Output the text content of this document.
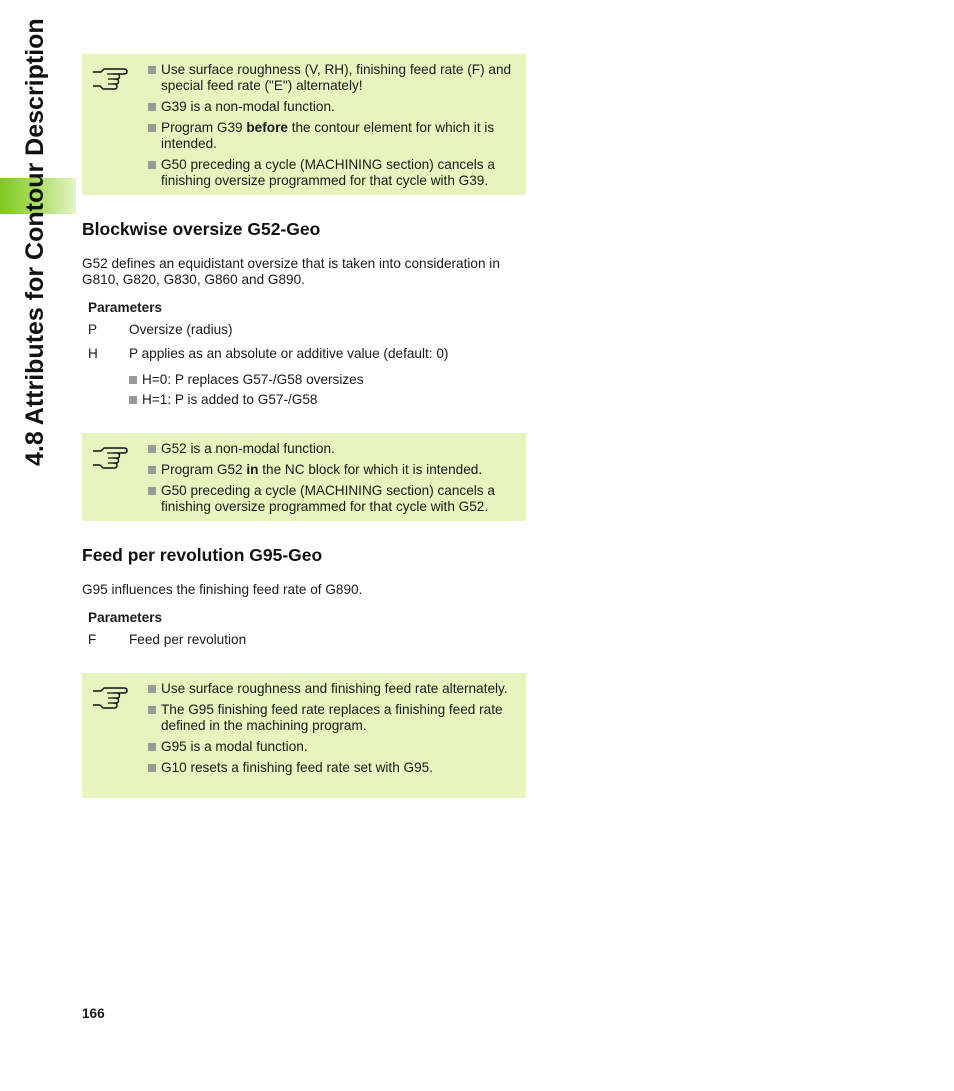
4.8 Attributes for Contour Description	Use surface roughness (V, RH), finishing feed rate (F) and special feed rate ("E") alternately!
G39 is a non-modal function.
Program G39 before the contour element for which it is intended.
G50 preceding a cycle (MACHINING section) cancels a finishing oversize programmed for that cycle with G39.
Blockwise oversize G52-Geo

G52 defines an equidistant oversize that is taken into consideration in G810, G820, G830, G860 and G890.

Parameters
P Oversize (radius)
H P applies as an absolute or additive value (default: 0)
H=0: P replaces G57-/G58 oversizes
H=1: P is added to G57-/G58
G52 is a non-modal function.
Program G52 in the NC block for which it is intended.
G50 preceding a cycle (MACHINING section) cancels a finishing oversize programmed for that cycle with G52.
Feed per revolution G95-Geo

G95 influences the finishing feed rate of G890.

Parameters
F Feed per revolution
Use surface roughness and finishing feed rate alternately.
The G95 finishing feed rate replaces a finishing feed rate defined in the machining program.
G95 is a modal function.
G10 resets a finishing feed rate set with G95.
166
